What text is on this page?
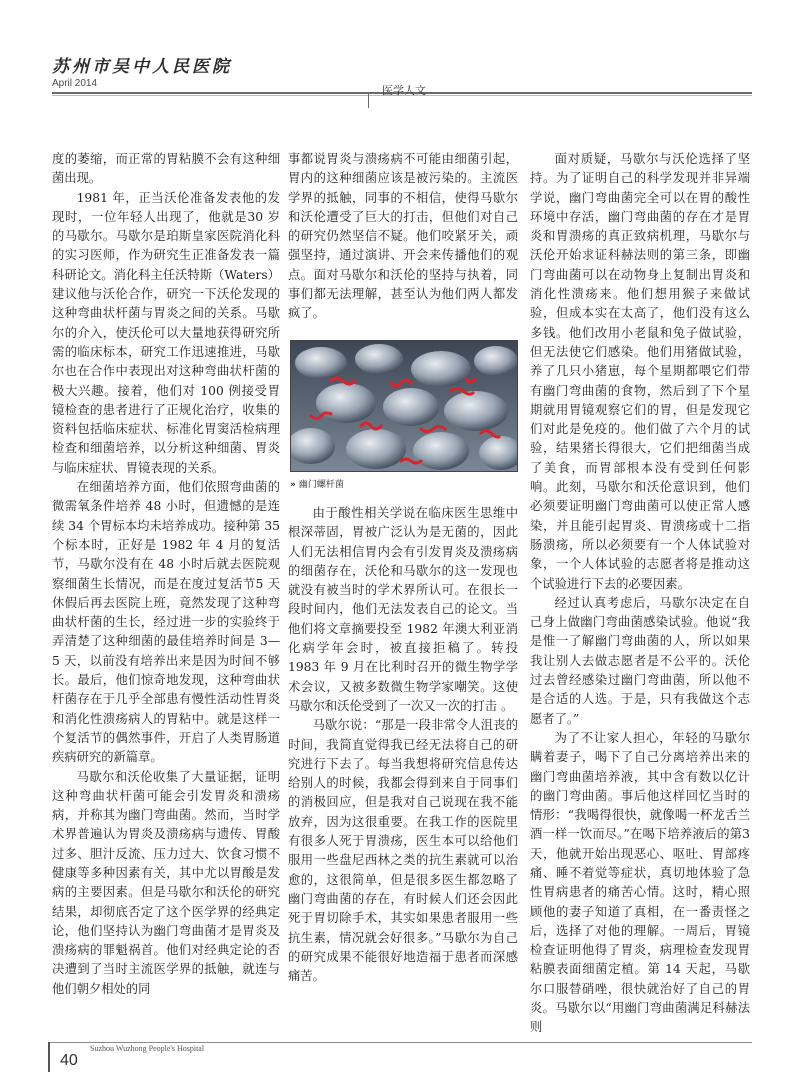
苏州市吴中人民医院
April 2014
医学人文

度的萎缩，而正常的胃粘膜不会有这种细菌出现。

1981 年，正当沃伦准备发表他的发现时，一位年轻人出现了，他就是30 岁的马歇尔。马歇尔是珀斯皇家医院消化科的实习医师，作为研究生正准备发表一篇科研论文。消化科主任沃特斯（Waters）建议他与沃伦合作，研究一下沃伦发现的这种弯曲状杆菌与胃炎之间的关系。马歇尔的介入，使沃伦可以大量地获得研究所需的临床标本，研究工作迅速推进，马歇尔也在合作中表现出对这种弯曲状杆菌的极大兴趣。接着，他们对 100 例接受胃镜检查的患者进行了正规化治疗，收集的资料包括临床症状、标准化胃窦活检病理检查和细菌培养，以分析这种细菌、胃炎与临床症状、胃镜表现的关系。

在细菌培养方面，他们依照弯曲菌的微需氧条件培养 48 小时，但遗憾的是连续 34 个胃标本均未培养成功。接种第 35 个标本时，正好是 1982 年 4 月的复活节，马歇尔没有在 48 小时后就去医院观察细菌生长情况，而是在度过复活节5 天休假后再去医院上班，竟然发现了这种弯曲状杆菌的生长，经过进一步的实验终于弄清楚了这种细菌的最佳培养时间是 3—5 天，以前没有培养出来是因为时间不够长。最后，他们惊奇地发现，这种弯曲状杆菌存在于几乎全部患有慢性活动性胃炎和消化性溃疡病人的胃粘中。就是这样一个复活节的偶然事件，开启了人类胃肠道疾病研究的新篇章。

马歇尔和沃伦收集了大量证据，证明这种弯曲状杆菌可能会引发胃炎和溃疡病，并称其为幽门弯曲菌。然而，当时学术界普遍认为胃炎及溃疡病与遗传、胃酸过多、胆汁反流、压力过大、饮食习惯不健康等多种因素有关，其中尤以胃酸是发病的主要因素。但是马歇尔和沃伦的研究结果，却彻底否定了这个医学界的经典定论，他们坚持认为幽门弯曲菌才是胃炎及溃疡病的罪魁祸首。他们对经典定论的否决遭到了当时主流医学界的抵触，就连与他们朝夕相处的同

事都说胃炎与溃疡病不可能由细菌引起，胃内的这种细菌应该是被污染的。主流医学界的抵触，同事的不相信，使得马歇尔和沃伦遭受了巨大的打击，但他们对自己的研究仍然坚信不疑。他们咬紧牙关，顽强坚持，通过演讲、开会来传播他们的观点。面对马歇尔和沃伦的坚持与执着，同事们都无法理解，甚至认为他们两人都发疯了。

» 幽门螺杆菌

由于酸性相关学说在临床医生思维中根深蒂固，胃被广泛认为是无菌的，因此人们无法相信胃内会有引发胃炎及溃疡病的细菌存在，沃伦和马歇尔的这一发现也就没有被当时的学术界所认可。在很长一段时间内，他们无法发表自己的论文。当他们将文章摘要投至 1982 年澳大利亚消化病学年会时，被直接拒稿了。转投 1983 年 9 月在比利时召开的微生物学学术会议，又被多数微生物学家嘲笑。这使马歇尔和沃伦受到了一次又一次的打击 。

马歇尔说：“那是一段非常令人沮丧的时间，我简直觉得我已经无法将自己的研究进行下去了。每当我想将研究信息传达给别人的时候，我都会得到来自于同事们的消极回应，但是我对自己说现在我不能放弃，因为这很重要。在我工作的医院里有很多人死于胃溃疡，医生本可以给他们服用一些盘尼西林之类的抗生素就可以治愈的，这很简单，但是很多医生都忽略了幽门弯曲菌的存在，有时候人们还会因此死于胃切除手术，其实如果患者服用一些抗生素，情况就会好很多。”马歇尔为自己的研究成果不能很好地造福于患者而深感痛苦。

面对质疑，马歇尔与沃伦选择了坚持。为了证明自己的科学发现并非异端学说，幽门弯曲菌完全可以在胃的酸性环境中存活，幽门弯曲菌的存在才是胃炎和胃溃疡的真正致病机理，马歇尔与沃伦开始求证科赫法则的第三条，即幽门弯曲菌可以在动物身上复制出胃炎和消化性溃疡来。他们想用猴子来做试验，但成本实在太高了，他们没有这么多钱。他们改用小老鼠和兔子做试验，但无法使它们感染。他们用猪做试验，养了几只小猪崽，每个星期都喂它们带有幽门弯曲菌的食物，然后到了下个星期就用胃镜观察它们的胃，但是发现它们对此是免疫的。他们做了六个月的试验，结果猪长得很大，它们把细菌当成了美食，而胃部根本没有受到任何影响。此刻，马歇尔和沃伦意识到，他们必须要证明幽门弯曲菌可以使正常人感染，并且能引起胃炎、胃溃疡或十二指肠溃疡，所以必须要有一个人体试验对象，一个人体试验的志愿者将是推动这个试验进行下去的必要因素。

经过认真考虑后，马歇尔决定在自己身上做幽门弯曲菌感染试验。他说“我是惟一了解幽门弯曲菌的人，所以如果我让别人去做志愿者是不公平的。沃伦过去曾经感染过幽门弯曲菌，所以他不是合适的人选。于是，只有我做这个志愿者了。”

为了不让家人担心，年轻的马歇尔瞒着妻子，喝下了自己分离培养出来的幽门弯曲菌培养液，其中含有数以亿计的幽门弯曲菌。事后他这样回忆当时的情形：“我喝得很快，就像喝一杯龙舌兰酒一样一饮而尽。”在喝下培养液后的第3 天，他就开始出现恶心、呕吐、胃部疼痛、睡不着觉等症状，真切地体验了急性胃病患者的痛苦心情。这时，精心照顾他的妻子知道了真相，在一番责怪之后，选择了对他的理解。一周后，胃镜检查证明他得了胃炎，病理检查发现胃粘膜表面细菌定植。第 14 天起，马歇尔口服替硝唑，很快就治好了自己的胃炎。马歇尔以“用幽门弯曲菌满足科赫法则

40
Suzhou Wuzhong People's Hospital
